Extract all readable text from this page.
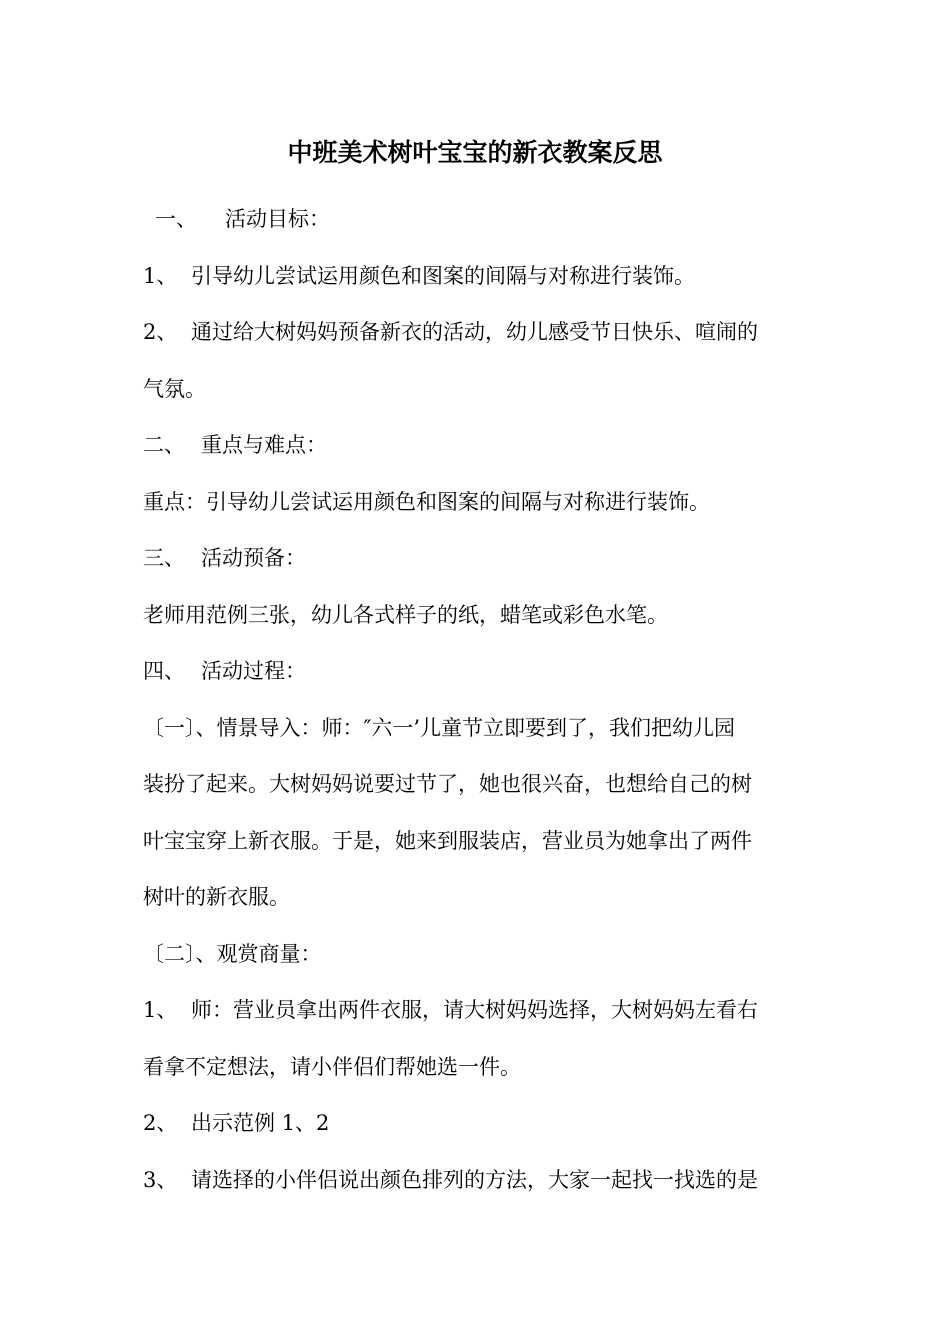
中班美术树叶宝宝的新衣教案反思
一、 活动目标：
1、 引导幼儿尝试运用颜色和图案的间隔与对称进行装饰。
2、 通过给大树妈妈预备新衣的活动，幼儿感受节日快乐、喧闹的
气氛。
二、 重点与难点：
重点：引导幼儿尝试运用颜色和图案的间隔与对称进行装饰。
三、 活动预备：
老师用范例三张，幼儿各式样子的纸，蜡笔或彩色水笔。
四、 活动过程：
〔一〕、情景导入：师：″六一’儿童节立即要到了，我们把幼儿园
装扮了起来。大树妈妈说要过节了，她也很兴奋，也想给自己的树
叶宝宝穿上新衣服。于是，她来到服装店，营业员为她拿出了两件
树叶的新衣服。
〔二〕、观赏商量：
1、 师：营业员拿出两件衣服，请大树妈妈选择，大树妈妈左看右
看拿不定想法，请小伴侣们帮她选一件。
2、 出示范例 1、2
3、 请选择的小伴侣说出颜色排列的方法，大家一起找一找选的是
